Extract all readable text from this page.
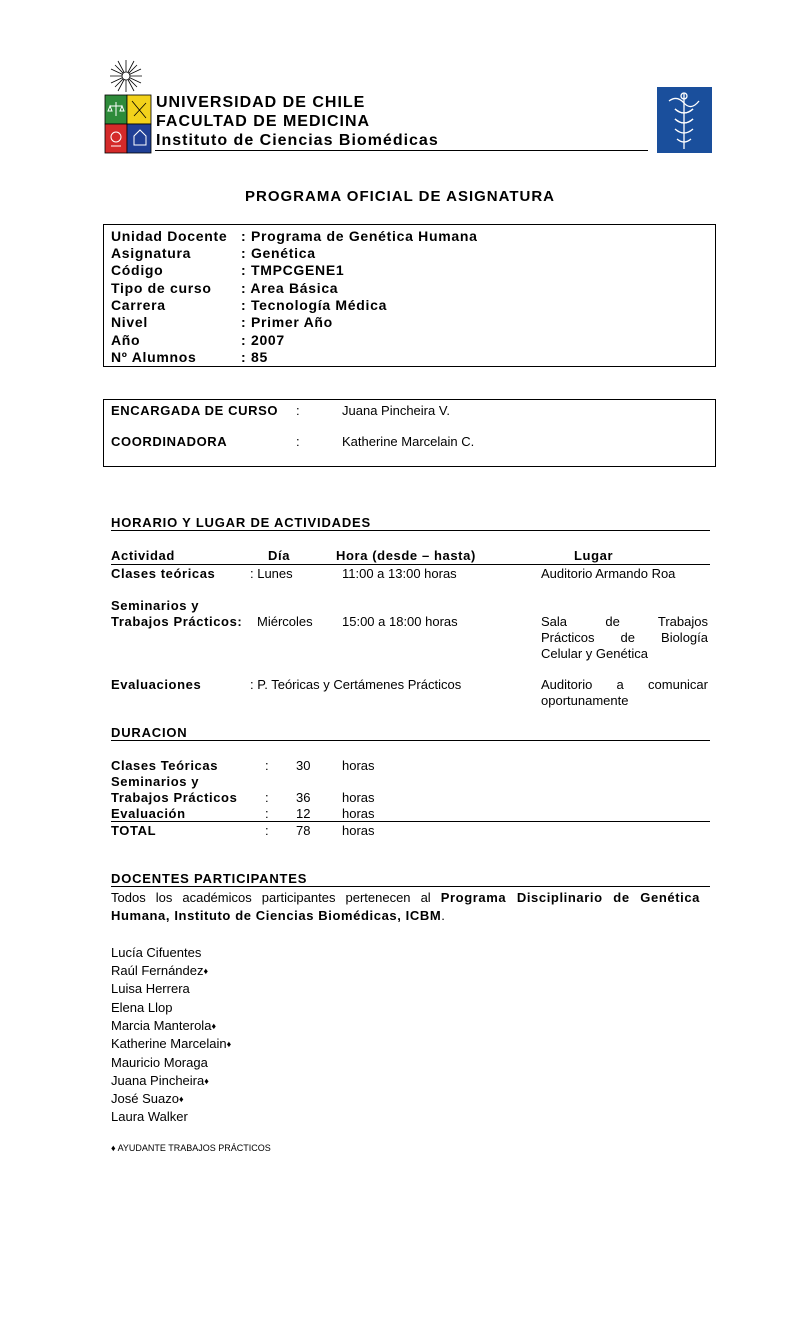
UNIVERSIDAD DE CHILE
FACULTAD DE MEDICINA
Instituto de Ciencias Biomédicas
PROGRAMA OFICIAL DE ASIGNATURA
Unidad Docente : Programa de Genética Humana
Asignatura	: Genética
Código	: TMPCGENE1
Tipo de curso : Area Básica
Carrera	: Tecnología Médica
Nivel	: Primer Año
Año	: 2007
Nº Alumnos	: 85
ENCARGADA DE CURSO :	Juana Pincheira V.
COORDINADORA	:	Katherine Marcelain C.
HORARIO Y LUGAR DE ACTIVIDADES
Actividad	Día	Hora (desde – hasta)	Lugar
Clases teóricas	: Lunes	11:00 a 13:00 horas	Auditorio Armando Roa
Seminarios y
Trabajos Prácticos: Miércoles 15:00 a 18:00 horas	Sala de Trabajos
Prácticos de Biología
Celular y Genética
Evaluaciones	: P. Teóricas y Certámenes Prácticos	Auditorio a comunicar
oportunamente
DURACION
Clases Teóricas	: 30 horas
Seminarios y
Trabajos Prácticos : 36 horas
Evaluación	: 12 horas
TOTAL	: 78 horas
DOCENTES PARTICIPANTES
Todos los académicos participantes pertenecen al Programa Disciplinario de Genética
Humana, Instituto de Ciencias Biomédicas, ICBM.
Lucía Cifuentes
Raúl Fernández♦
Luisa Herrera
Elena Llop
Marcia Manterola♦
Katherine Marcelain♦
Mauricio Moraga
Juana Pincheira♦
José Suazo♦
Laura Walker
♦ AYUDANTE TRABAJOS PRÁCTICOS
